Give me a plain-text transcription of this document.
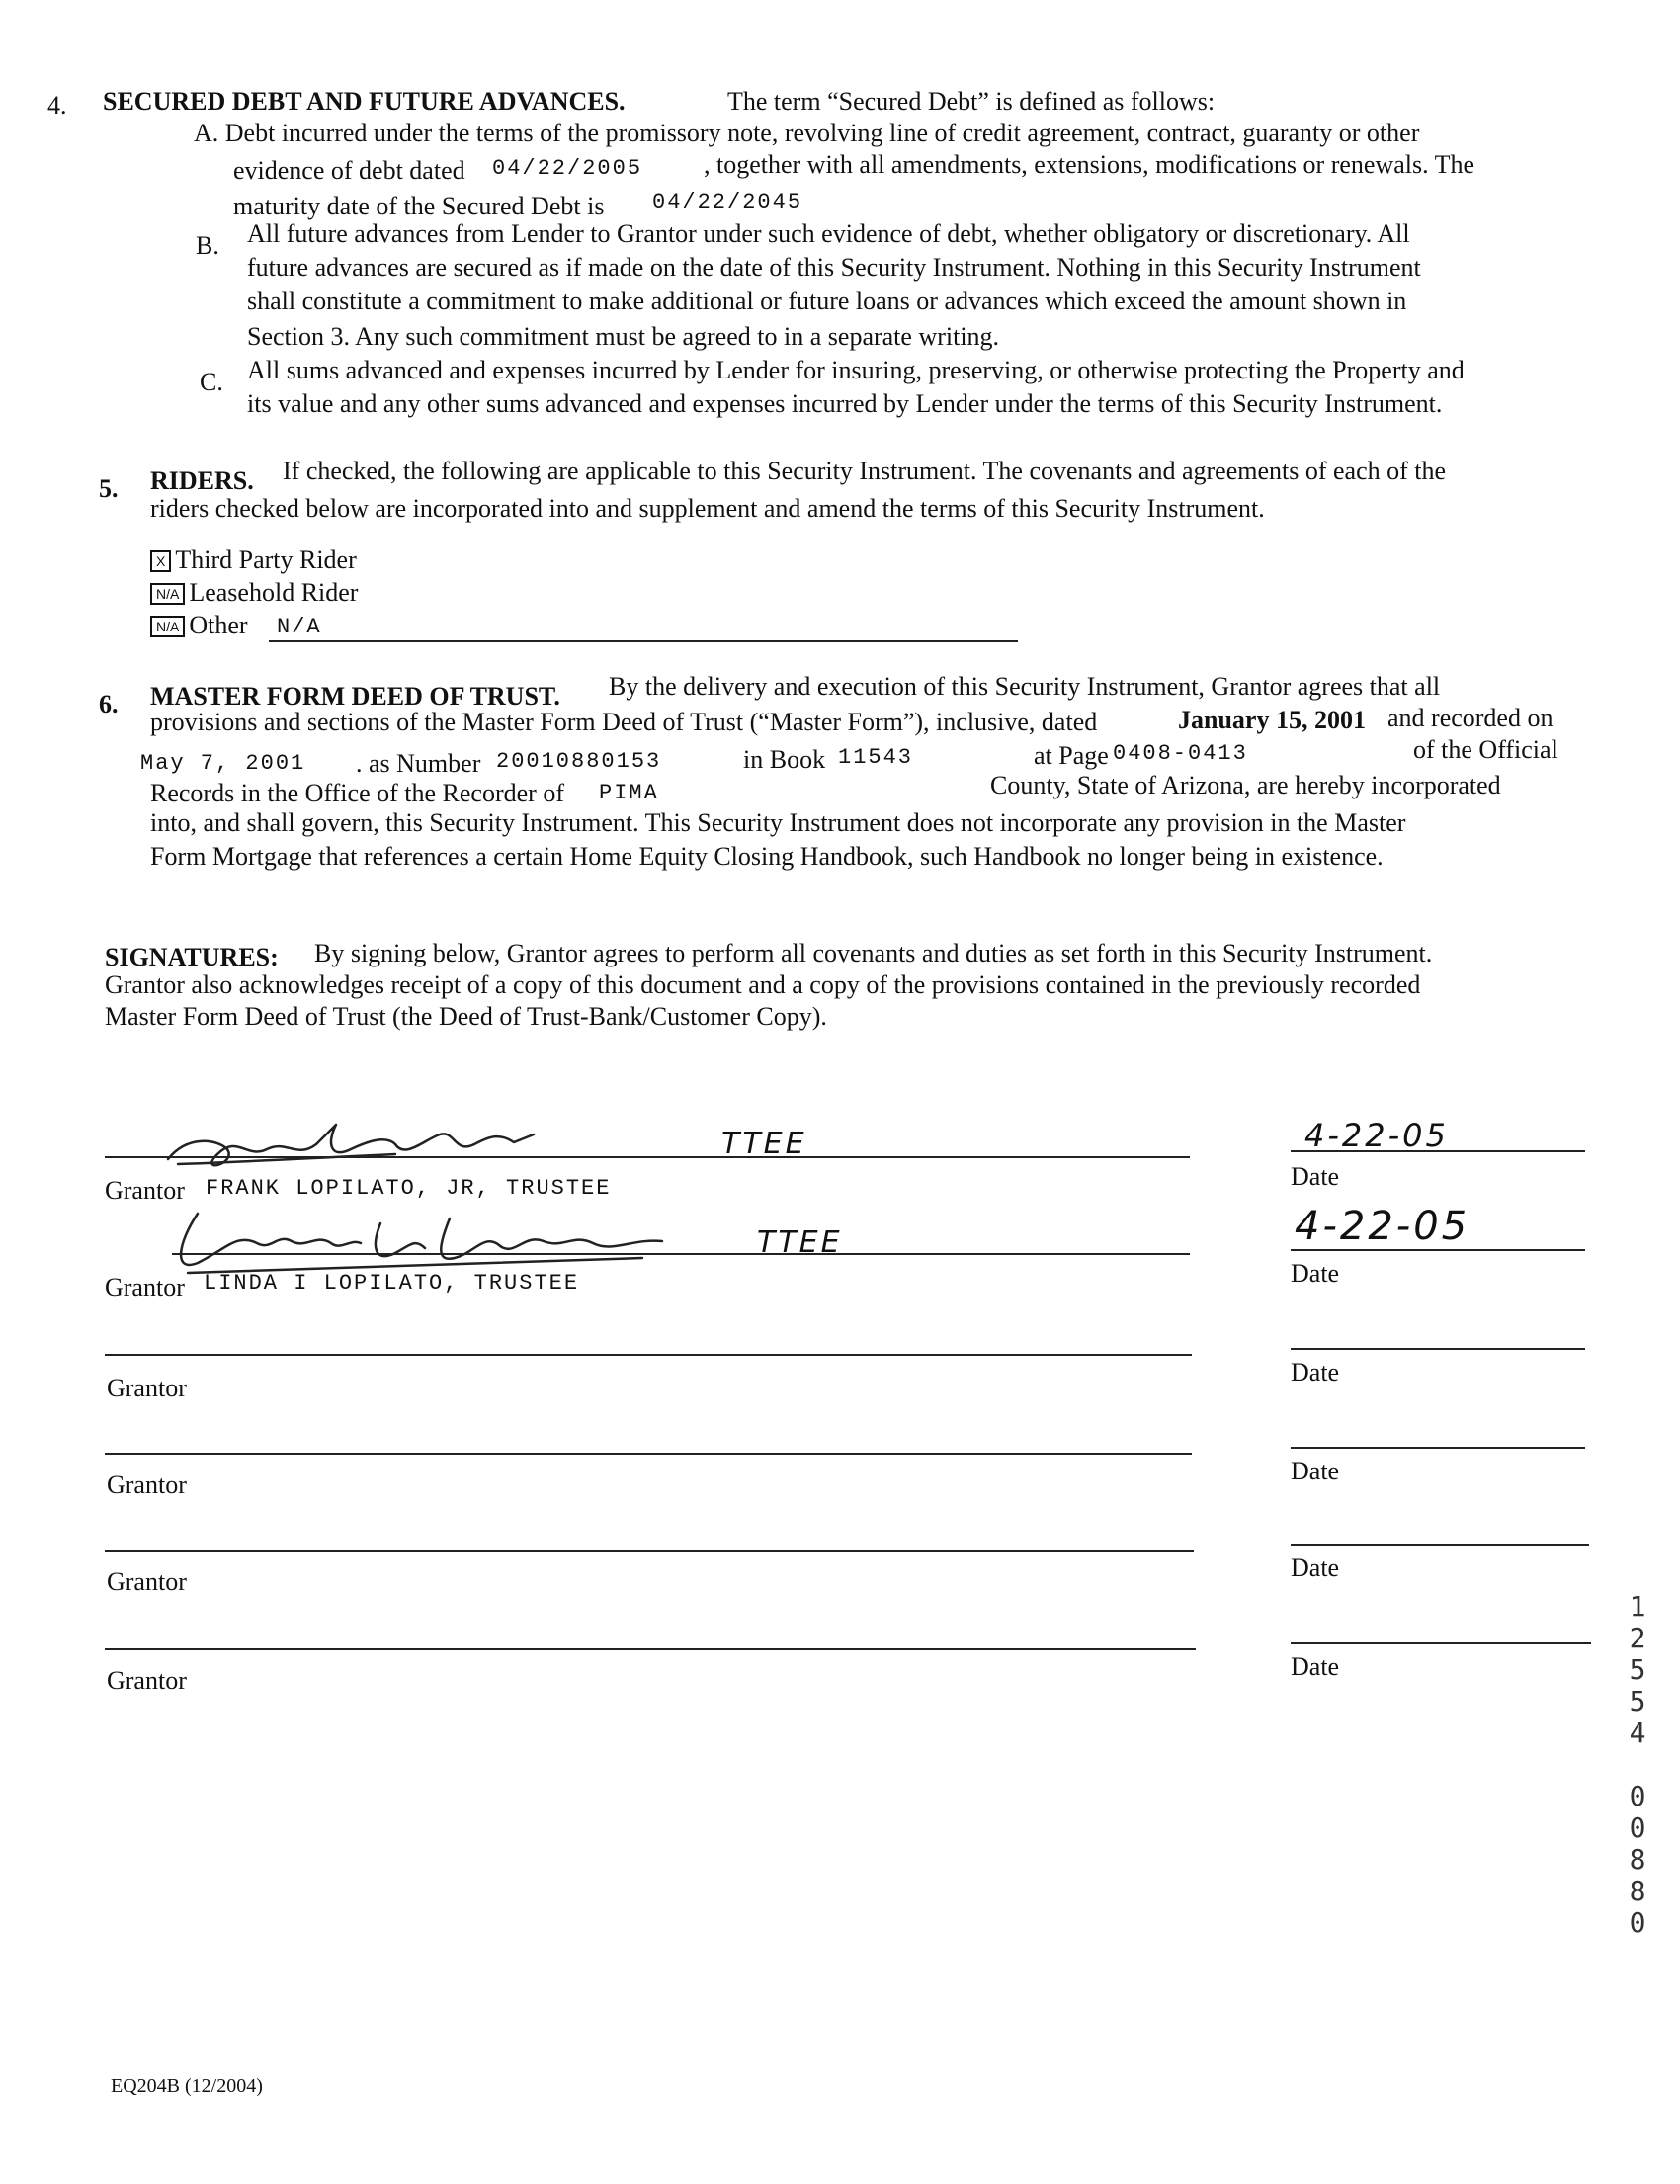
4. SECURED DEBT AND FUTURE ADVANCES.	The term “Secured Debt” is defined as follows:
A. Debt incurred under the terms of the promissory note, revolving line of credit agreement, contract, guaranty or other
evidence of debt dated 04/22/2005 , together with all amendments, extensions, modifications or renewals. The
maturity date of the Secured Debt is 04/22/2045
B. All future advances from Lender to Grantor under such evidence of debt, whether obligatory or discretionary. All
future advances are secured as if made on the date of this Security Instrument. Nothing in this Security Instrument
shall constitute a commitment to make additional or future loans or advances which exceed the amount shown in
Section 3. Any such commitment must be agreed to in a separate writing.
C. All sums advanced and expenses incurred by Lender for insuring, preserving, or otherwise protecting the Property and
its value and any other sums advanced and expenses incurred by Lender under the terms of this Security Instrument.
5. RIDERS. If checked, the following are applicable to this Security Instrument. The covenants and agreements of each of the
riders checked below are incorporated into and supplement and amend the terms of this Security Instrument.
X Third Party Rider
N/A Leasehold Rider
N/A Other N/A
6. MASTER FORM DEED OF TRUST. By the delivery and execution of this Security Instrument, Grantor agrees that all
provisions and sections of the Master Form Deed of Trust (“Master Form”), inclusive, dated	January 15, 2001 and recorded on
May 7, 2001 . as Number 20010880153	in Book 11543	at Page 0408-0413	of the Official
Records in the Office of the Recorder of PIMA	County, State of Arizona, are hereby incorporated
into, and shall govern, this Security Instrument. This Security Instrument does not incorporate any provision in the Master
Form Mortgage that references a certain Home Equity Closing Handbook, such Handbook no longer being in existence.
SIGNATURES: By signing below, Grantor agrees to perform all covenants and duties as set forth in this Security Instrument.
Grantor also acknowledges receipt of a copy of this document and a copy of the provisions contained in the previously recorded
Master Form Deed of Trust (the Deed of Trust-Bank/Customer Copy).
TTEE
Grantor FRANK LOPILATO, JR, TRUSTEE
4-22-05
Date
TTEE
Grantor LINDA I LOPILATO, TRUSTEE
4-22-05
Date
Grantor
Date
Grantor	Date
Grantor	Date
Grantor	Date
1
2
5
5
4

0
0
8
8
0
EQ204B (12/2004)
